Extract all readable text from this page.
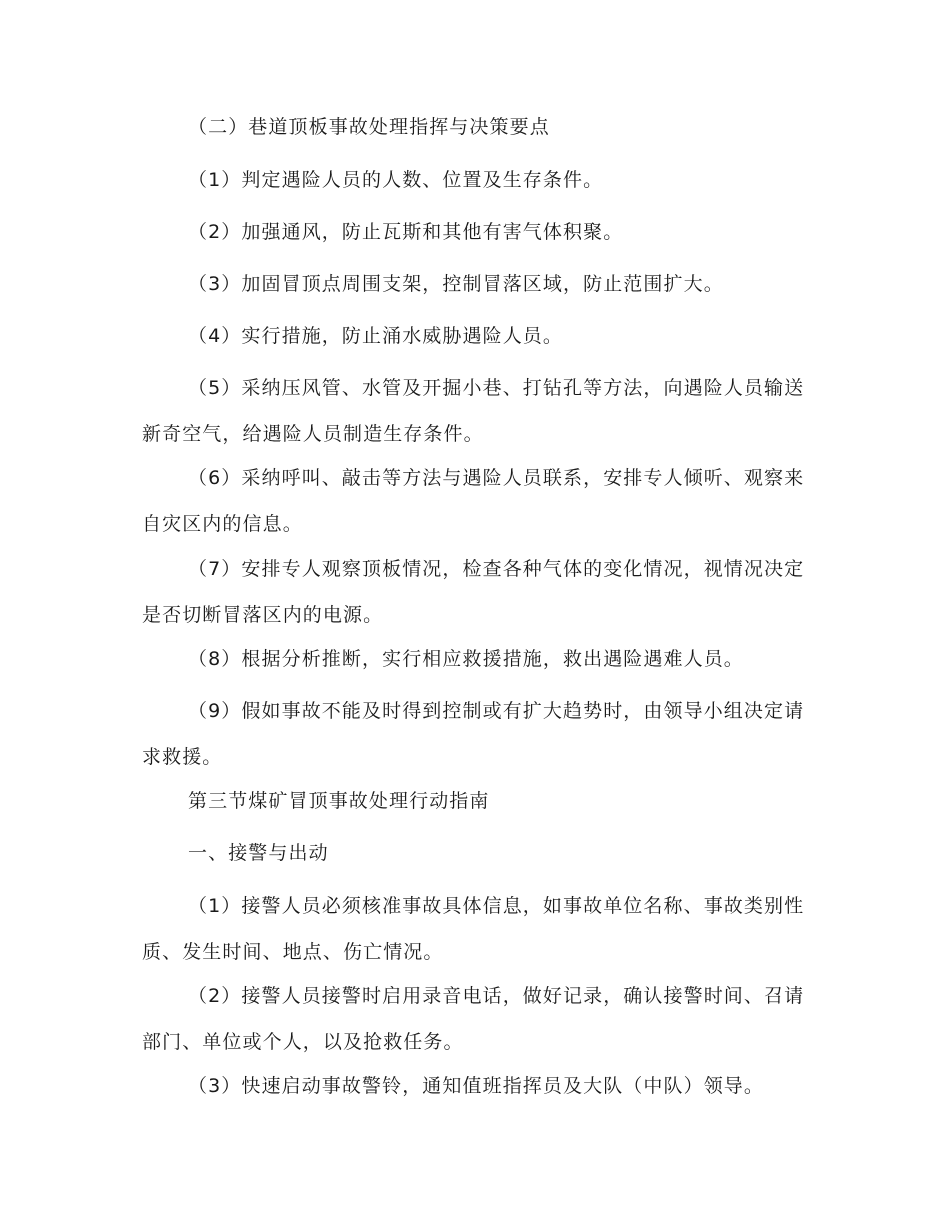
（二）巷道顶板事故处理指挥与决策要点

（1）判定遇险人员的人数、位置及生存条件。

（2）加强通风，防止瓦斯和其他有害气体积聚。

（3）加固冒顶点周围支架，控制冒落区域，防止范围扩大。

（4）实行措施，防止涌水威胁遇险人员。

（5）采纳压风管、水管及开掘小巷、打钻孔等方法，向遇险人员输送新奇空气，给遇险人员制造生存条件。

（6）采纳呼叫、敲击等方法与遇险人员联系，安排专人倾听、观察来自灾区内的信息。

（7）安排专人观察顶板情况，检查各种气体的变化情况，视情况决定是否切断冒落区内的电源。

（8）根据分析推断，实行相应救援措施，救出遇险遇难人员。

（9）假如事故不能及时得到控制或有扩大趋势时，由领导小组决定请求救援。

第三节煤矿冒顶事故处理行动指南

一、接警与出动

（1）接警人员必须核准事故具体信息，如事故单位名称、事故类别性质、发生时间、地点、伤亡情况。

（2）接警人员接警时启用录音电话，做好记录，确认接警时间、召请部门、单位或个人，以及抢救任务。

（3）快速启动事故警铃，通知值班指挥员及大队（中队）领导。
